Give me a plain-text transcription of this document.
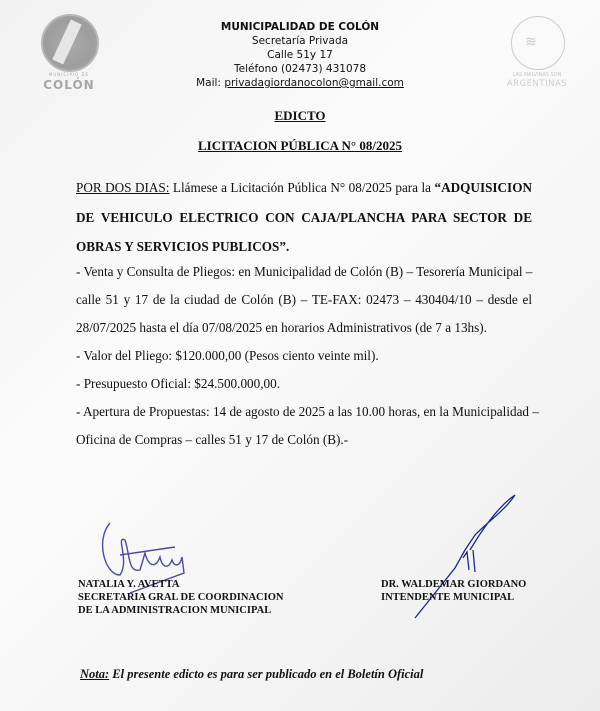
MUNICIPIO DE
COLÓN
≋
LAS MALVINAS SON
ARGENTINAS
MUNICIPALIDAD DE COLÓN
Secretaría Privada
Calle 51y 17
Teléfono (02473) 431078
Mail: privadagiordanocolon@gmail.com
EDICTO
LICITACION PÚBLICA N° 08/2025
POR DOS DIAS: Llámese a Licitación Pública N° 08/2025 para la “ADQUISICION
DE VEHICULO ELECTRICO CON CAJA/PLANCHA PARA SECTOR DE
OBRAS Y SERVICIOS PUBLICOS”.
- Venta y Consulta de Pliegos: en Municipalidad de Colón (B) – Tesorería Municipal –
calle 51 y 17 de la ciudad de Colón (B) – TE-FAX: 02473 – 430404/10 – desde el
28/07/2025 hasta el día 07/08/2025 en horarios Administrativos (de 7 a 13hs).
- Valor del Pliego: $120.000,00 (Pesos ciento veinte mil).
- Presupuesto Oficial: $24.500.000,00.
- Apertura de Propuestas: 14 de agosto de 2025 a las 10.00 horas, en la Municipalidad –
Oficina de Compras – calles 51 y 17 de Colón (B).-
NATALIA Y. AVETTA
SECRETARIA GRAL DE COORDINACION
DE LA ADMINISTRACION MUNICIPAL
DR. WALDEMAR GIORDANO
INTENDENTE MUNICIPAL
Nota: El presente edicto es para ser publicado en el Boletín Oficial
